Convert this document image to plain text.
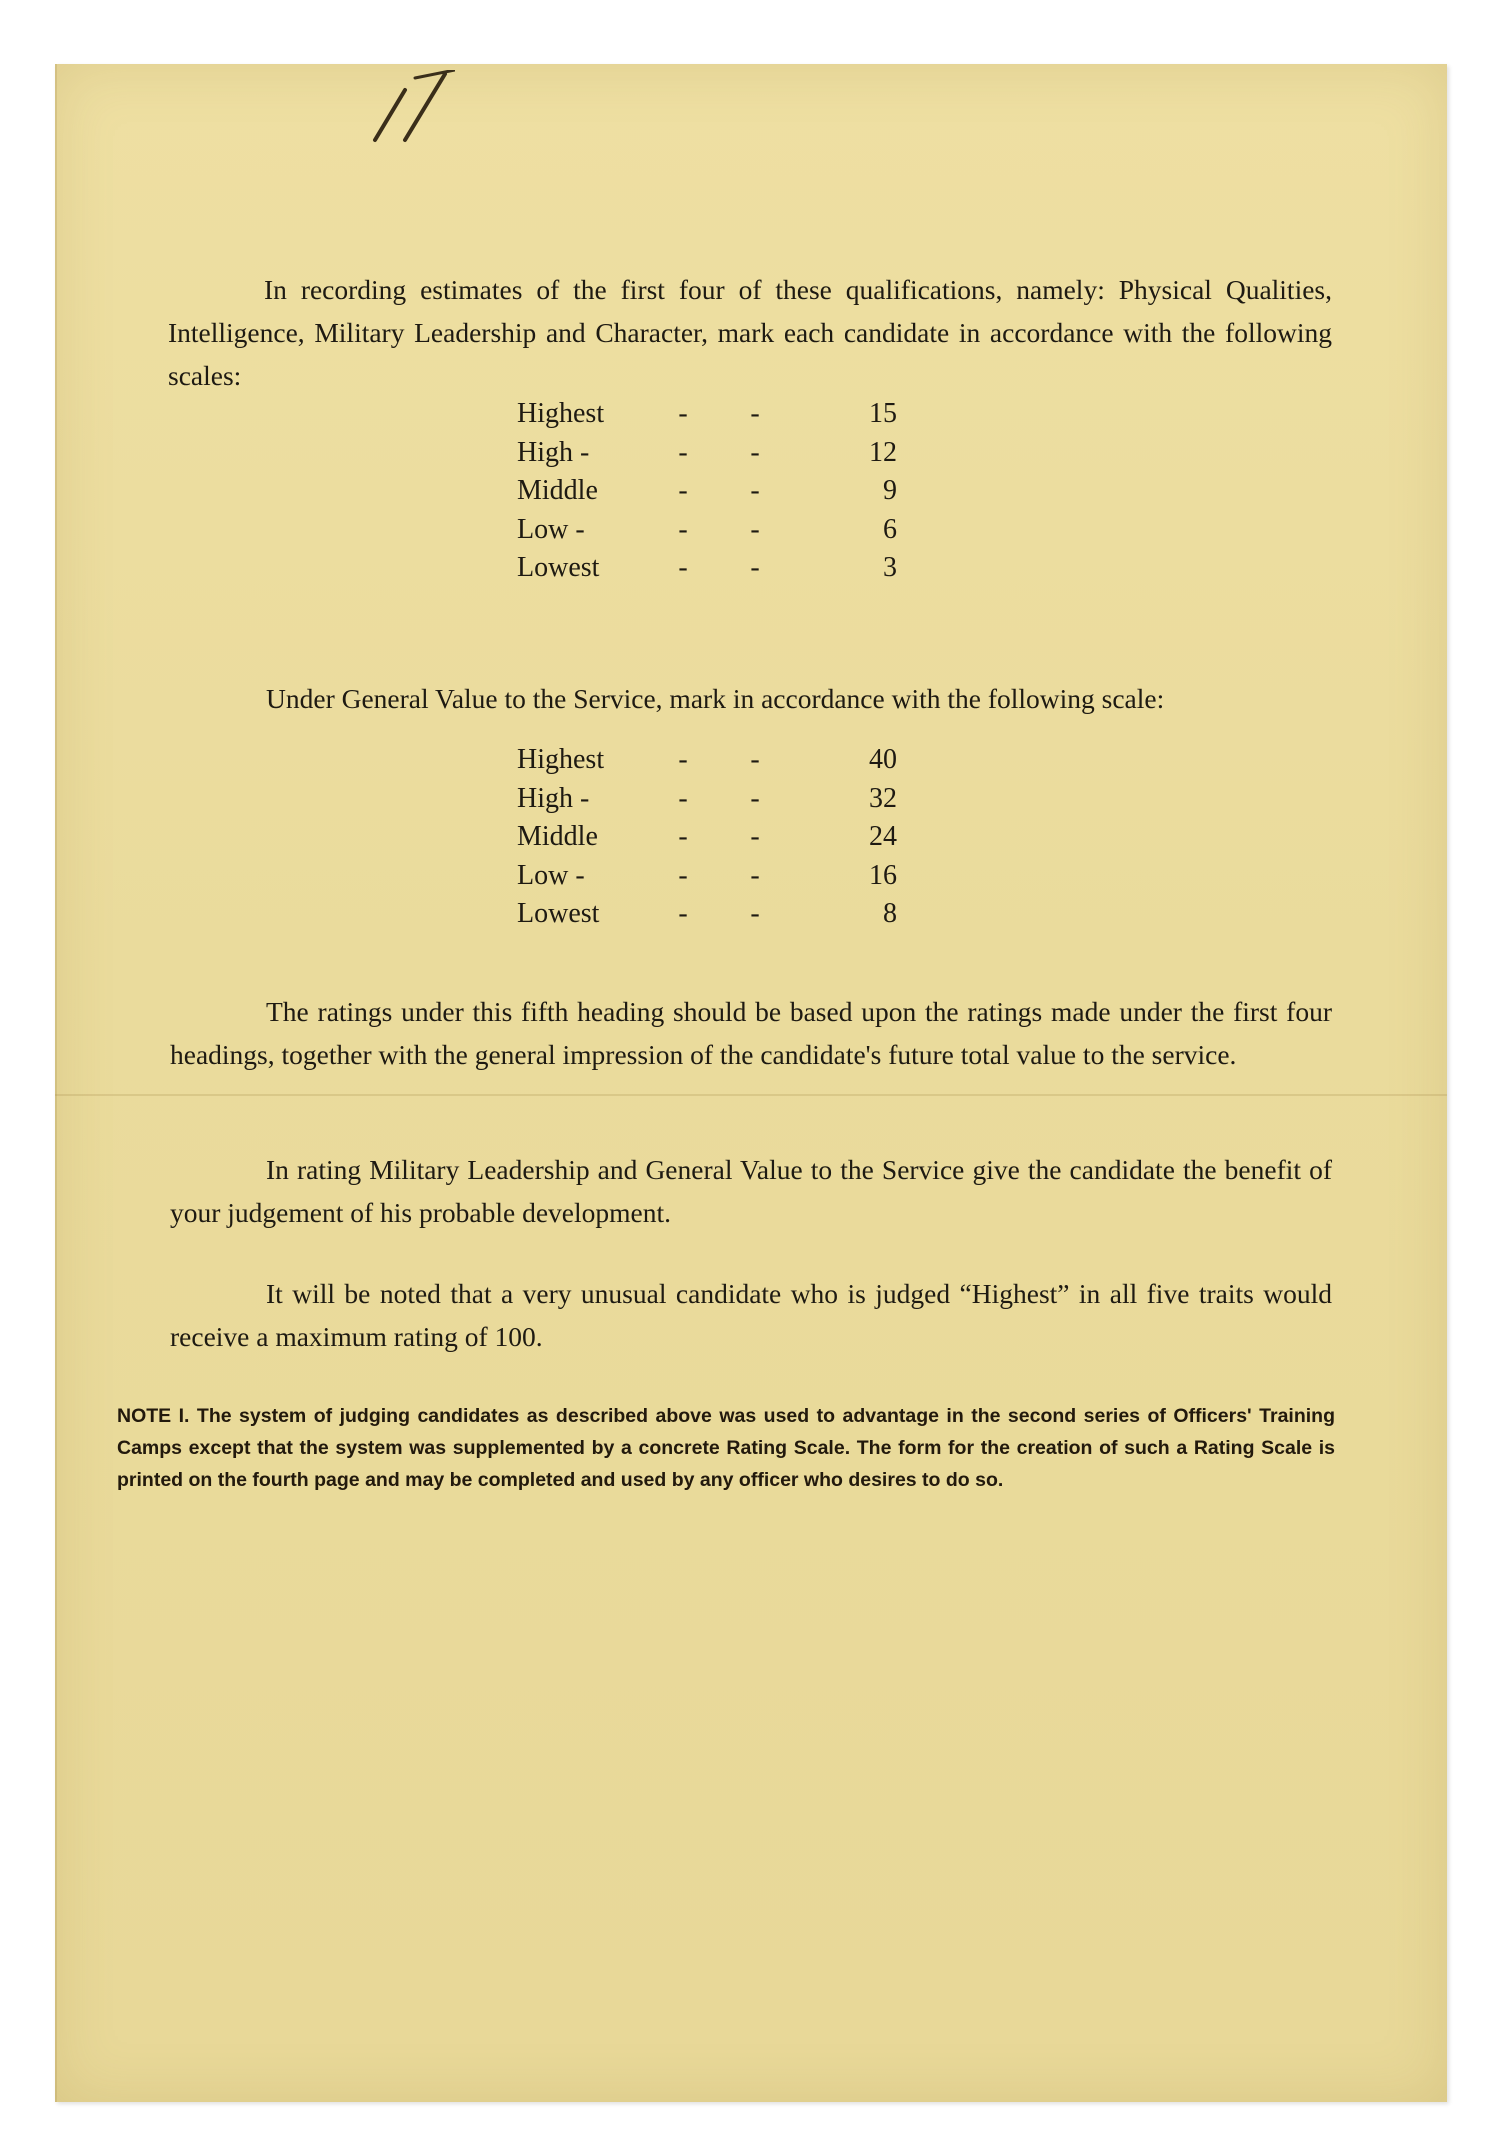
In recording estimates of the first four of these qualifications, namely: Physical Qualities, Intelligence, Military Leadership and Character, mark each candidate in accordance with the following scales:

Highest	- -	15
High -	- -	12
Middle	- -	9
Low -	- -	6
Lowest	- -	3

Under General Value to the Service, mark in accordance with the following scale:

Highest	- -	40
High -	- -	32
Middle	- -	24
Low -	- -	16
Lowest	- -	8

The ratings under this fifth heading should be based upon the ratings made under the first four headings, together with the general impression of the candidate's future total value to the service.

In rating Military Leadership and General Value to the Service give the candidate the benefit of your judgement of his probable development.

It will be noted that a very unusual candidate who is judged “Highest” in all five traits would receive a maximum rating of 100.

NOTE I. The system of judging candidates as described above was used to advantage in the second series of Officers' Training Camps except that the system was supplemented by a concrete Rating Scale. The form for the creation of such a Rating Scale is printed on the fourth page and may be completed and used by any officer who desires to do so.
